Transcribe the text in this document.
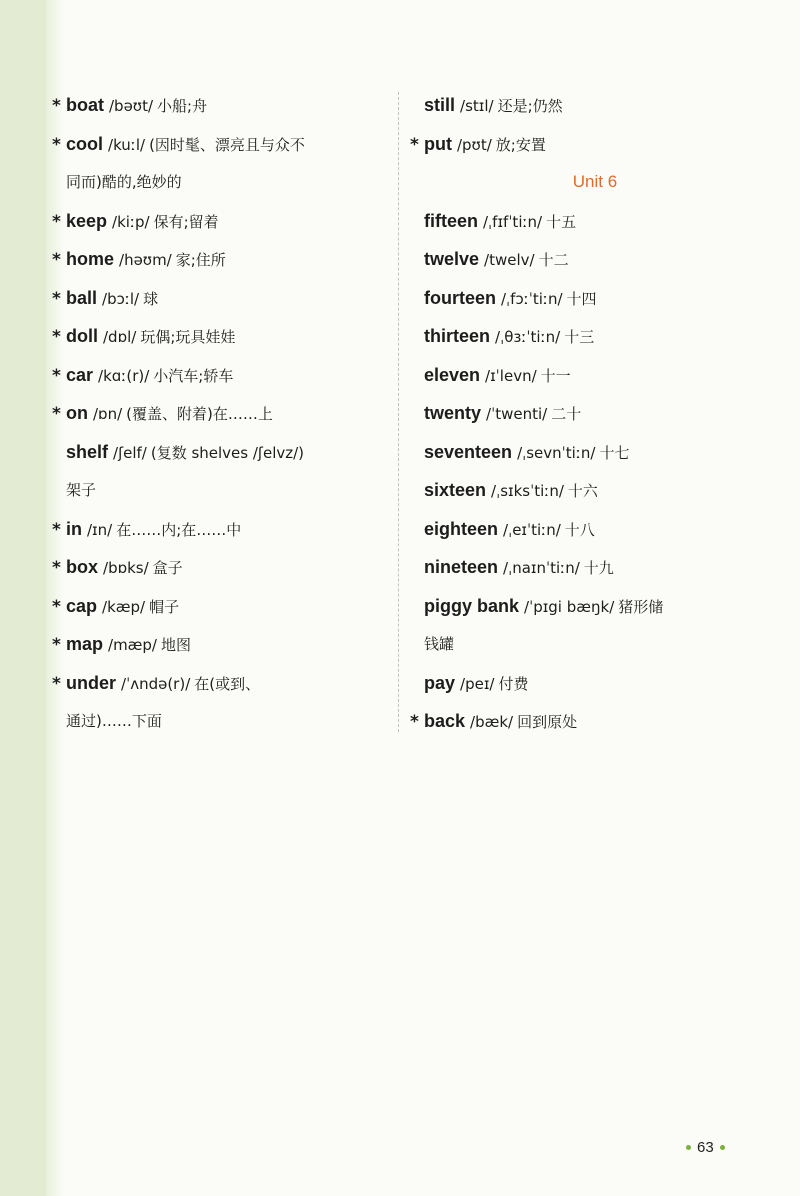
* boat /bəʊt/ 小船;舟
* cool /kuːl/ (因时髦、漂亮且与众不
同而)酷的,绝妙的
* keep /kiːp/ 保有;留着
* home /həʊm/ 家;住所
* ball /bɔːl/ 球
* doll /dɒl/ 玩偶;玩具娃娃
* car /kɑː(r)/ 小汽车;轿车
* on /ɒn/ (覆盖、附着)在……上
shelf /ʃelf/ (复数 shelves /ʃelvz/)
架子
* in /ɪn/ 在……内;在……中
* box /bɒks/ 盒子
* cap /kæp/ 帽子
* map /mæp/ 地图
* under /ˈʌndə(r)/ 在(或到、
通过)……下面
still /stɪl/ 还是;仍然
* put /pʊt/ 放;安置
Unit 6
fifteen /ˌfɪfˈtiːn/ 十五
twelve /twelv/ 十二
fourteen /ˌfɔːˈtiːn/ 十四
thirteen /ˌθɜːˈtiːn/ 十三
eleven /ɪˈlevn/ 十一
twenty /ˈtwenti/ 二十
seventeen /ˌsevnˈtiːn/ 十七
sixteen /ˌsɪksˈtiːn/ 十六
eighteen /ˌeɪˈtiːn/ 十八
nineteen /ˌnaɪnˈtiːn/ 十九
piggy bank /ˈpɪgi bæŋk/ 猪形储
钱罐
pay /peɪ/ 付费
* back /bæk/ 回到原处
63
